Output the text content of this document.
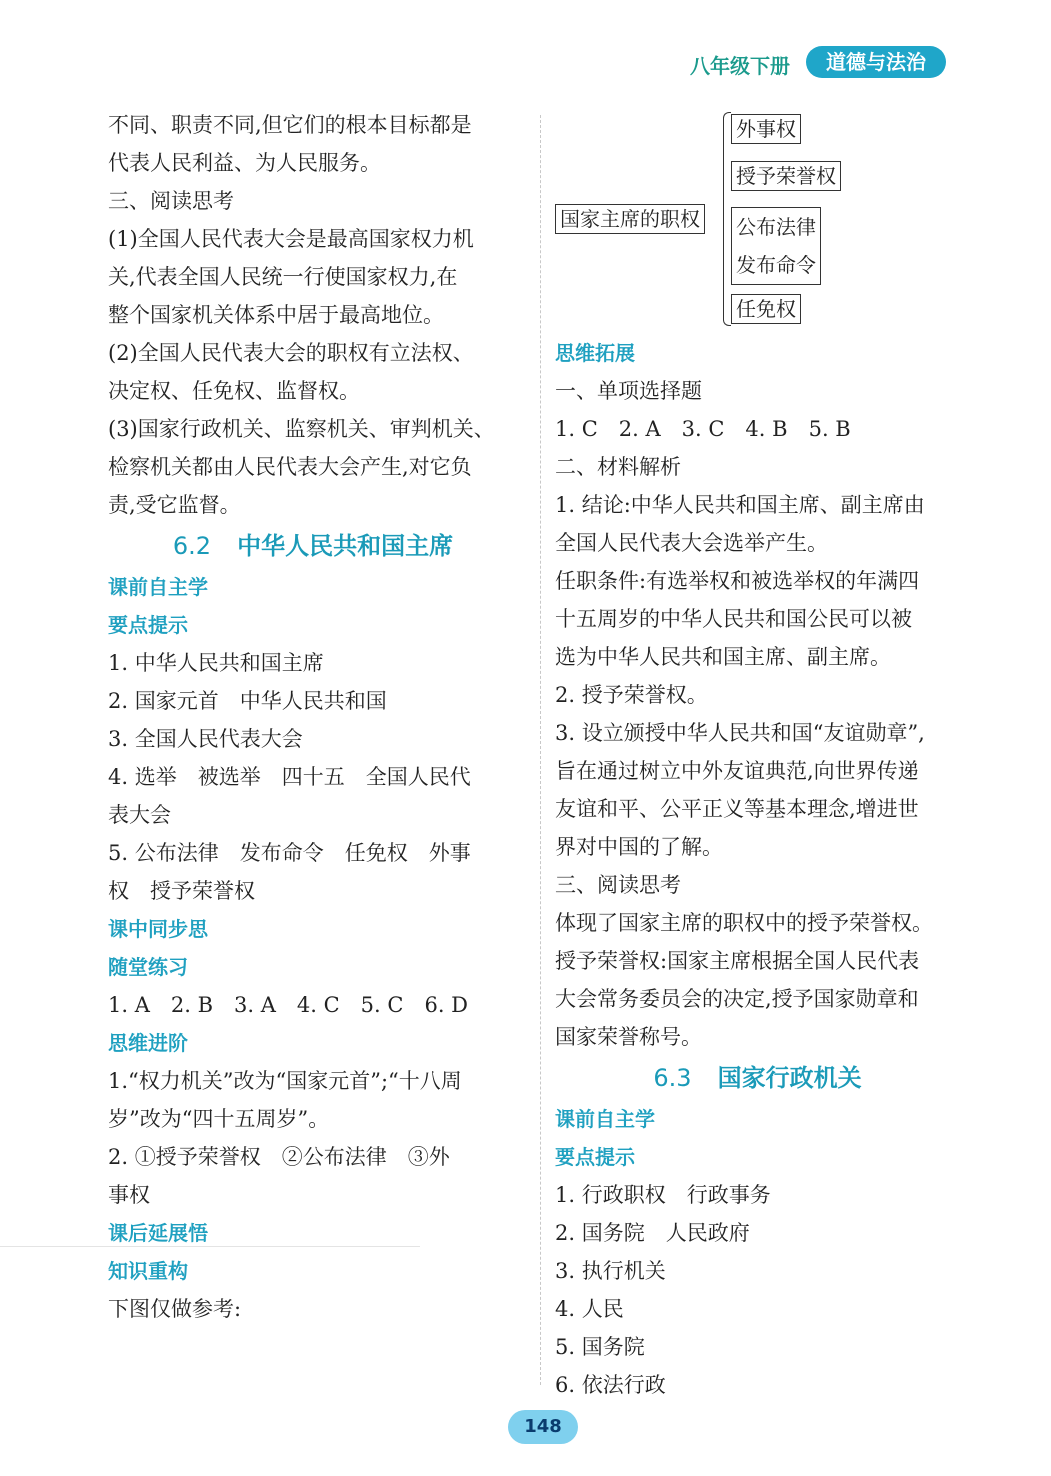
八年级下册	道德与法治
不同、职责不同,但它们的根本目标都是
代表人民利益、为人民服务。
三、阅读思考
(1)全国人民代表大会是最高国家权力机
关,代表全国人民统一行使国家权力,在
整个国家机关体系中居于最高地位。
(2)全国人民代表大会的职权有立法权、
决定权、任免权、监督权。
(3)国家行政机关、监察机关、审判机关、
检察机关都由人民代表大会产生,对它负
责,受它监督。
6.2 中华人民共和国主席
课前自主学
要点提示
1. 中华人民共和国主席
2. 国家元首　中华人民共和国
3. 全国人民代表大会
4. 选举　被选举　四十五　全国人民代
表大会
5. 公布法律　发布命令　任免权　外事
权　授予荣誉权
课中同步思
随堂练习
1. A　2. B　3. A　4. C　5. C　6. D
思维进阶
1.“权力机关”改为“国家元首”;“十八周
岁”改为“四十五周岁”。
2. ①授予荣誉权　②公布法律　③外
事权
课后延展悟
知识重构
下图仅做参考:
国家主席的职权
外事权
授予荣誉权
公布法律
发布命令
任免权
思维拓展
一、单项选择题
1. C　2. A　3. C　4. B　5. B
二、材料解析
1. 结论:中华人民共和国主席、副主席由
全国人民代表大会选举产生。
任职条件:有选举权和被选举权的年满四
十五周岁的中华人民共和国公民可以被
选为中华人民共和国主席、副主席。
2. 授予荣誉权。
3. 设立颁授中华人民共和国“友谊勋章”,
旨在通过树立中外友谊典范,向世界传递
友谊和平、公平正义等基本理念,增进世
界对中国的了解。
三、阅读思考
体现了国家主席的职权中的授予荣誉权。
授予荣誉权:国家主席根据全国人民代表
大会常务委员会的决定,授予国家勋章和
国家荣誉称号。
6.3 国家行政机关
课前自主学
要点提示
1. 行政职权　行政事务
2. 国务院　人民政府
3. 执行机关
4. 人民
5. 国务院
6. 依法行政
148
